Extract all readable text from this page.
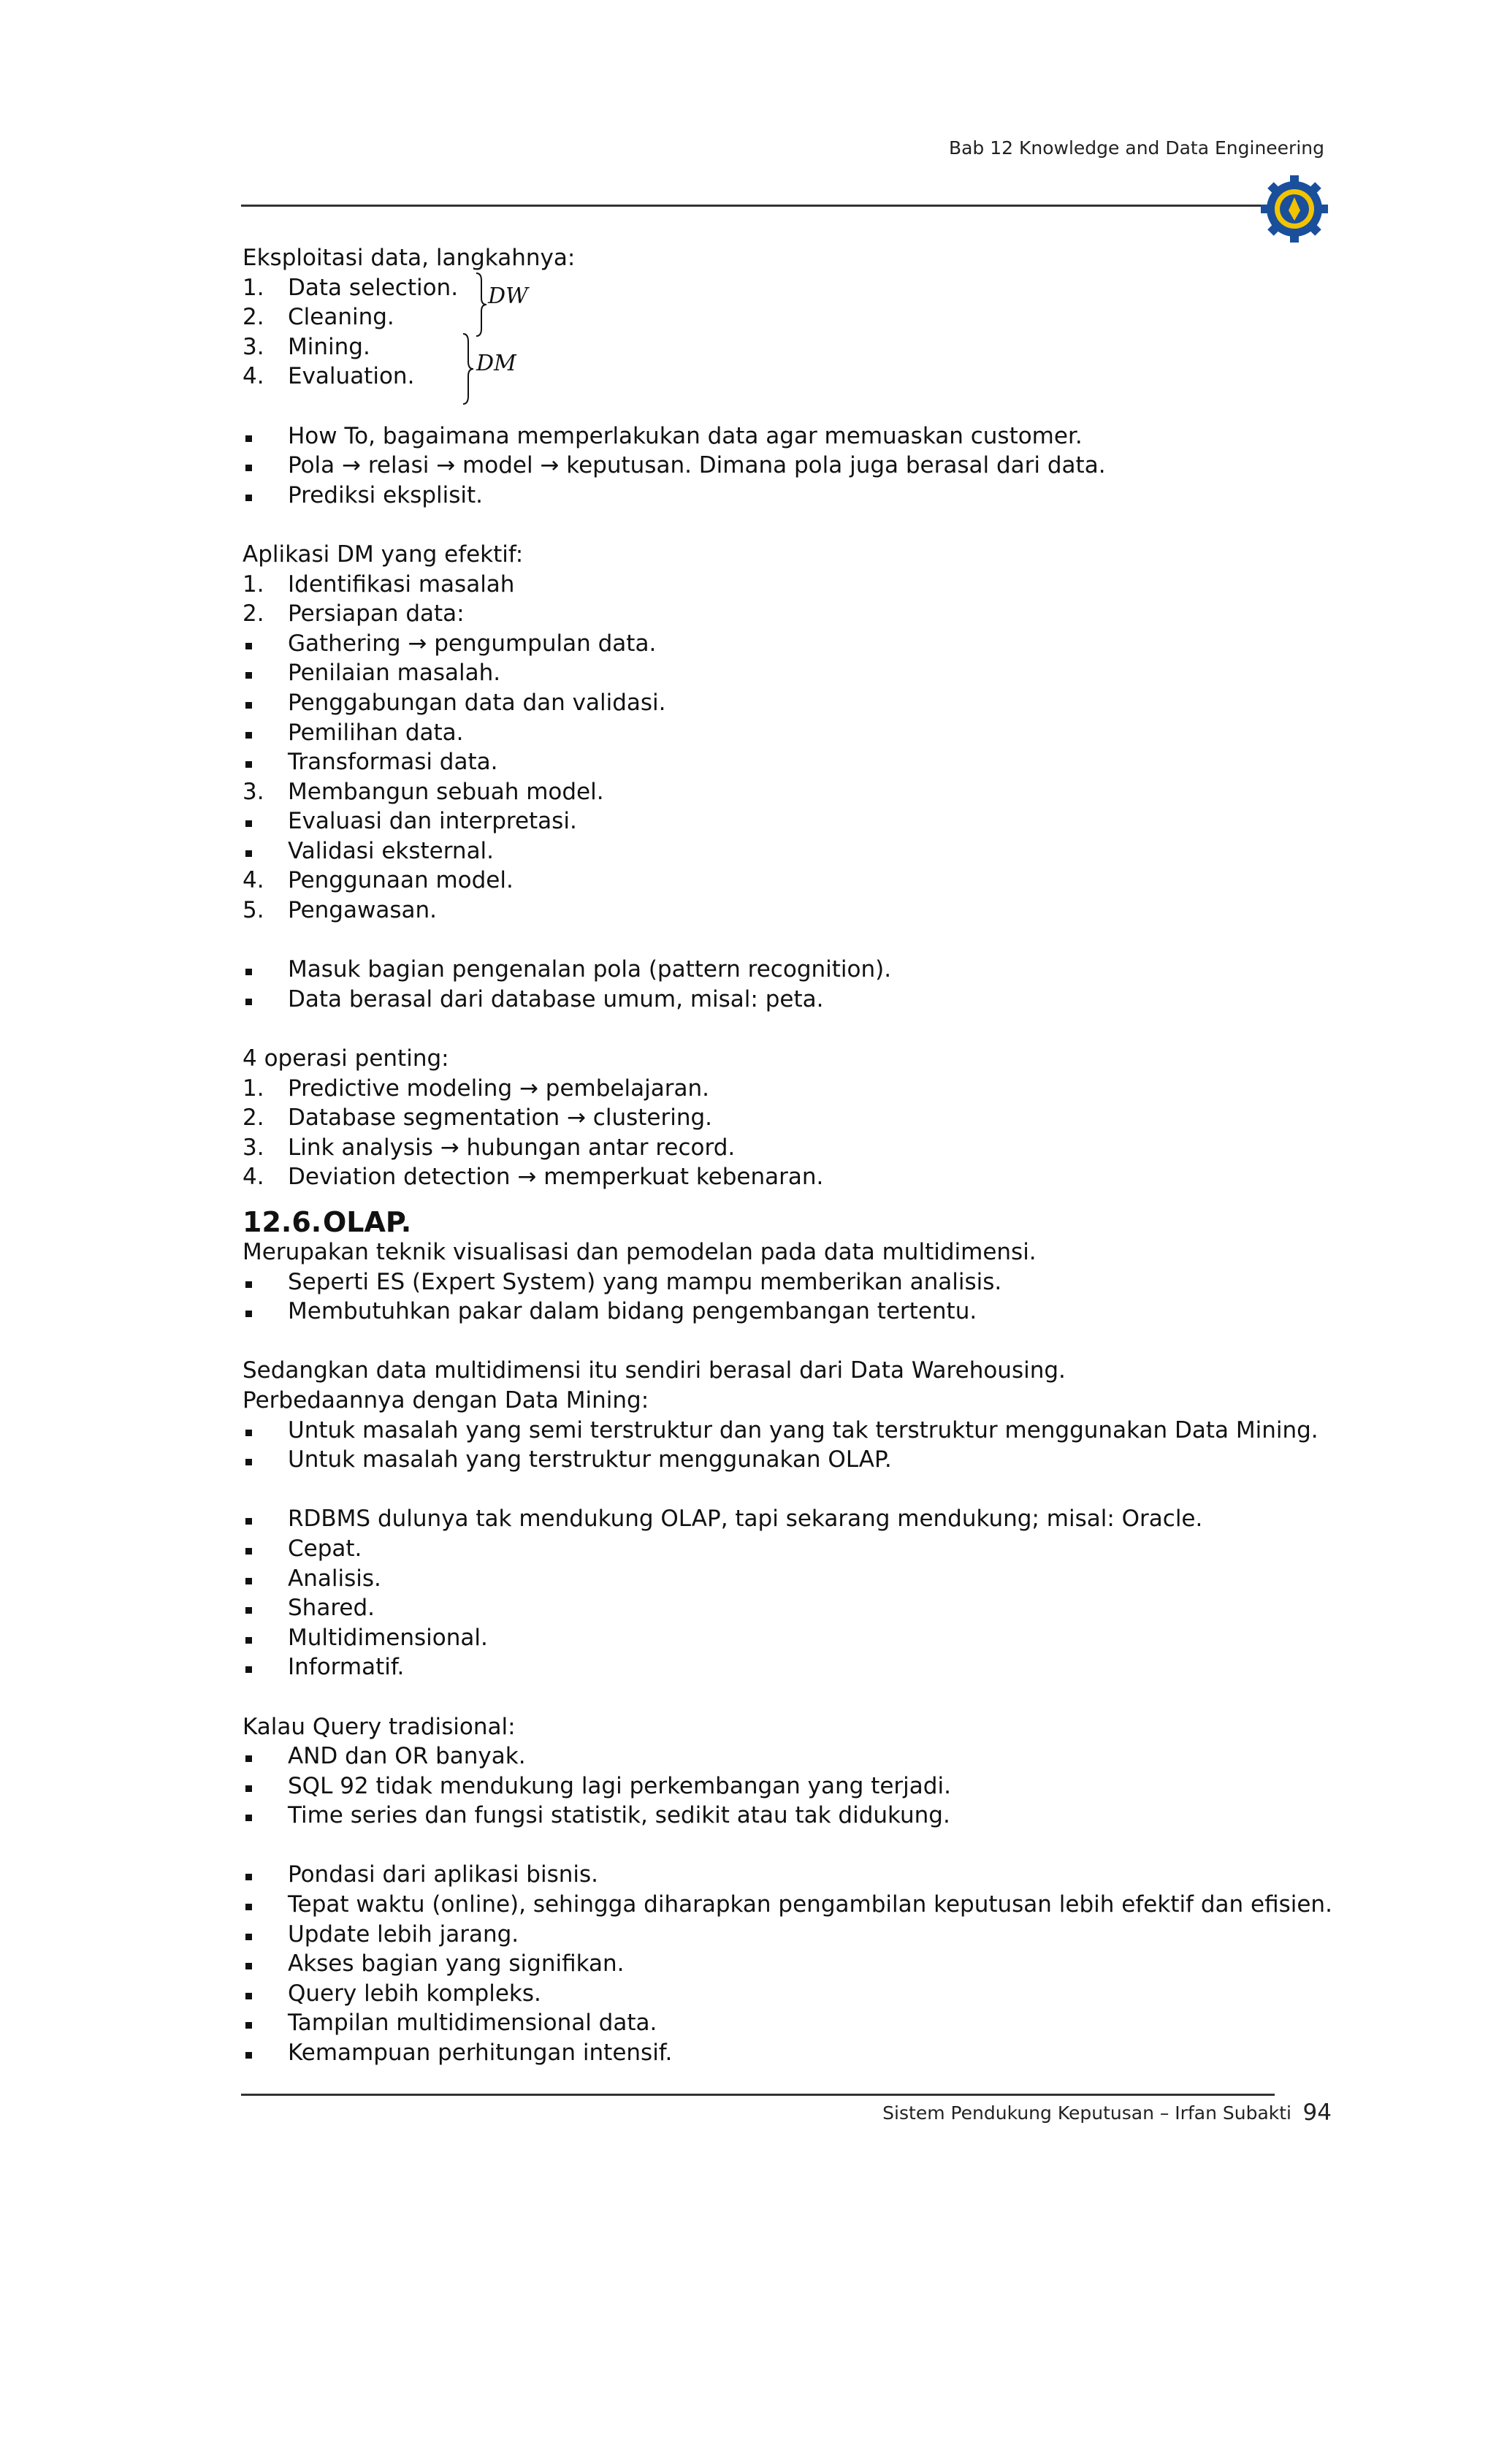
Bab 12 Knowledge and Data Engineering
Eksploitasi data, langkahnya:
1.	Data selection.
2.	Cleaning.
3.	Mining.
4.	Evaluation.
How To, bagaimana memperlakukan data agar memuaskan customer.
Pola → relasi → model → keputusan. Dimana pola juga berasal dari data.
Prediksi eksplisit.
Aplikasi DM yang efektif:
1.	Identifikasi masalah
2.	Persiapan data:
Gathering → pengumpulan data.
Penilaian masalah.
Penggabungan data dan validasi.
Pemilihan data.
Transformasi data.
3.	Membangun sebuah model.
Evaluasi dan interpretasi.
Validasi eksternal.
4.	Penggunaan model.
5.	Pengawasan.
Masuk bagian pengenalan pola (pattern recognition).
Data berasal dari database umum, misal: peta.
4 operasi penting:
1.	Predictive modeling → pembelajaran.
2.	Database segmentation → clustering.
3.	Link analysis → hubungan antar record.
4.	Deviation detection → memperkuat kebenaran.
12.6. OLAP.
Merupakan teknik visualisasi dan pemodelan pada data multidimensi.
Seperti ES (Expert System) yang mampu memberikan analisis.
Membutuhkan pakar dalam bidang pengembangan tertentu.
Sedangkan data multidimensi itu sendiri berasal dari Data Warehousing.
Perbedaannya dengan Data Mining:
Untuk masalah yang semi terstruktur dan yang tak terstruktur menggunakan Data Mining.
Untuk masalah yang terstruktur menggunakan OLAP.
RDBMS dulunya tak mendukung OLAP, tapi sekarang mendukung; misal: Oracle.
Cepat.
Analisis.
Shared.
Multidimensional.
Informatif.
Kalau Query tradisional:
AND dan OR banyak.
SQL 92 tidak mendukung lagi perkembangan yang terjadi.
Time series dan fungsi statistik, sedikit atau tak didukung.
Pondasi dari aplikasi bisnis.
Tepat waktu (online), sehingga diharapkan pengambilan keputusan lebih efektif dan efisien.
Update lebih jarang.
Akses bagian yang signifikan.
Query lebih kompleks.
Tampilan multidimensional data.
Kemampuan perhitungan intensif.
DW
DM
Sistem Pendukung Keputusan – Irfan Subakti 94
